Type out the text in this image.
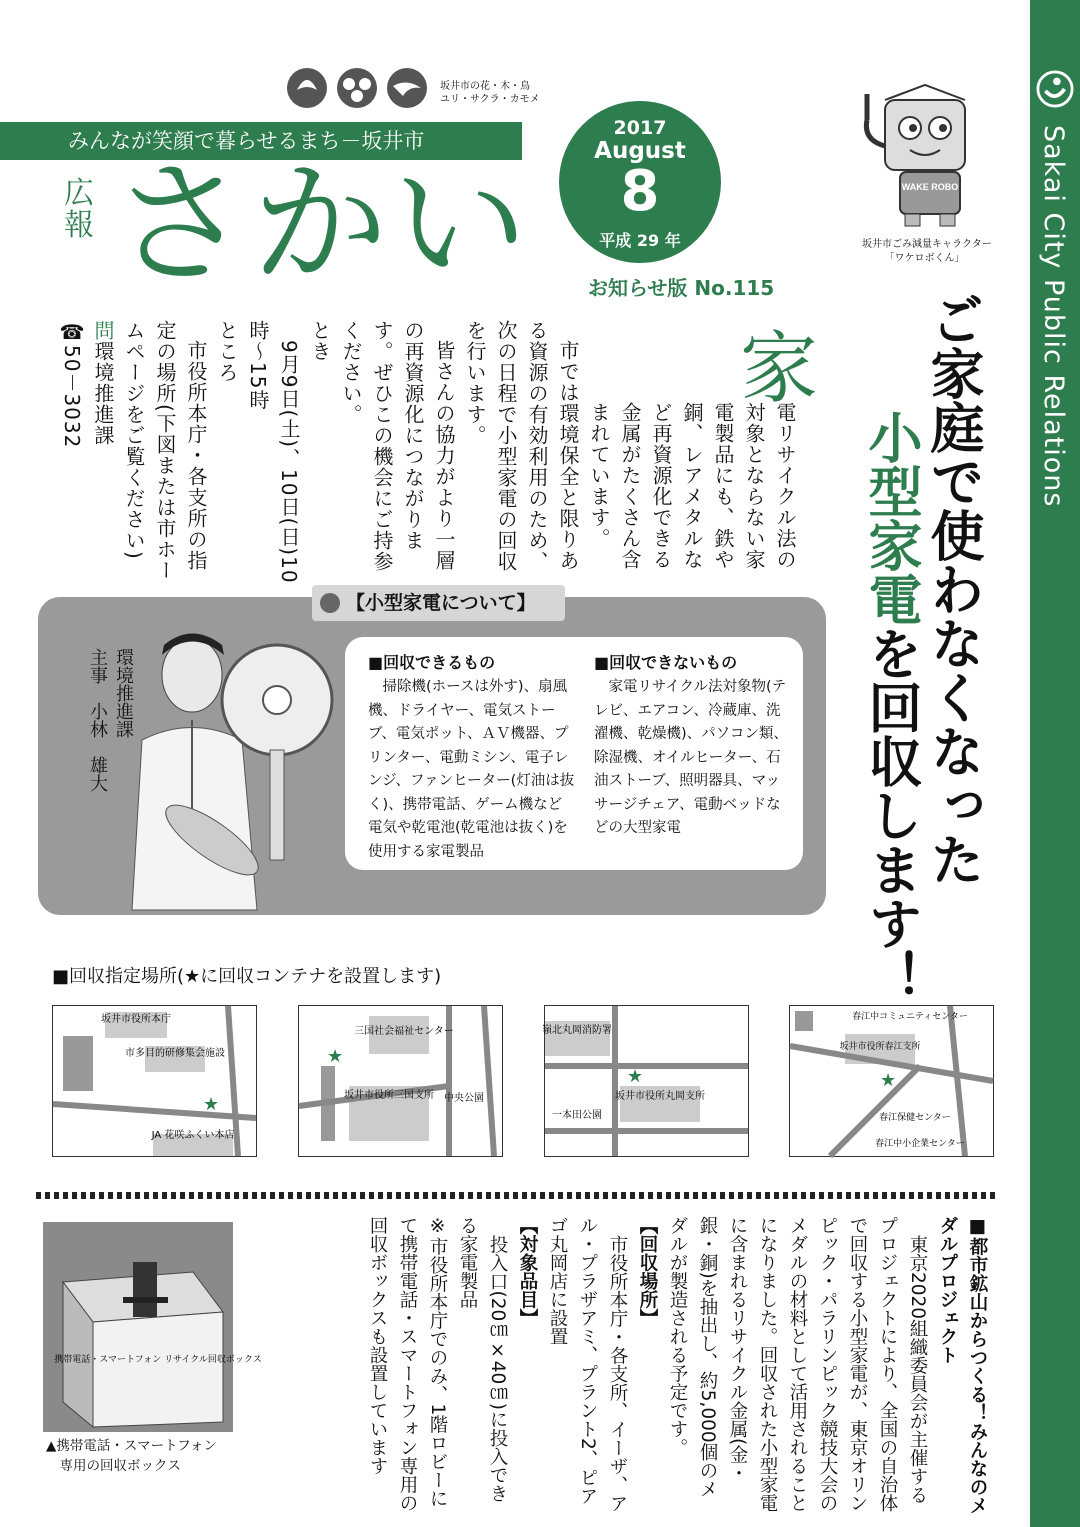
Sakai City Public Relations
坂井市の花・木・鳥
ユリ・サクラ・カモメ
みんなが笑顔で暮らせるまち－坂井市
広報 さかい
2017
August
8
平成 29 年
お知らせ版 No.115
WAKE ROBO
坂井市ごみ減量キャラクター
「ワケロボくん」
ご家庭で使わなくなった
小型家電を回収します！
家

電リサイクル法の対象とならない家電製品にも、鉄や銅、レアメタルなど再資源化できる金属がたくさん含まれています。

市では環境保全と限りある資源の有効利用のため、次の日程で小型家電の回収を行います。

皆さんの協力がより一層の再資源化につながります。ぜひこの機会にご持参ください。

とき

9月9日(土)、10日(日)10時～15時

ところ

市役所本庁・各支所の指定の場所(下図または市ホームページをご覧ください)

問環境推進課

☎50－3032

環境推進課
主事　小林　雄大
【小型家電について】
■回収できるもの
掃除機(ホースは外す)、扇風機、ドライヤー、電気ストーブ、電気ポット、ＡＶ機器、プリンター、電動ミシン、電子レンジ、ファンヒーター(灯油は抜く)、携帯電話、ゲーム機など電気や乾電池(乾電池は抜く)を使用する家電製品
■回収できないもの
家電リサイクル法対象物(テレビ、エアコン、冷蔵庫、洗濯機、乾燥機)、パソコン類、除湿機、オイルヒーター、石油ストーブ、照明器具、マッサージチェア、電動ベッドなどの大型家電
■回収指定場所(★に回収コンテナを設置します)
坂井市役所本庁
市多目的研修集会施設
JA 花咲ふくい本店
★
三国社会福祉センター
坂井市役所三国支所 中央公園
★
嶺北丸岡消防署
坂井市役所丸岡支所
一本田公園
★
春江中コミュニティセンター
坂井市役所春江支所
春江保健センター
春江中小企業センター
★
携帯電話・スマートフォン リサイクル回収ボックス
▲携帯電話・スマートフォン
　専用の回収ボックス	■都市鉱山からつくる！みんなのメダルプロジェクト

東京2020組織委員会が主催するプロジェクトにより、全国の自治体で回収する小型家電が、東京オリンピック・パラリンピック競技大会のメダルの材料として活用されることになりました。回収された小型家電に含まれるリサイクル金属(金・銀・銅)を抽出し、約5,000個のメダルが製造される予定です。

【回収場所】

市役所本庁・各支所、イーザ、アル・プラザアミ、プラント2、ピアゴ丸岡店に設置

【対象品目】

投入口(20㎝×40㎝)に投入できる家電製品

※市役所本庁でのみ、1階ロビーにて携帯電話・スマートフォン専用の回収ボックスも設置しています
